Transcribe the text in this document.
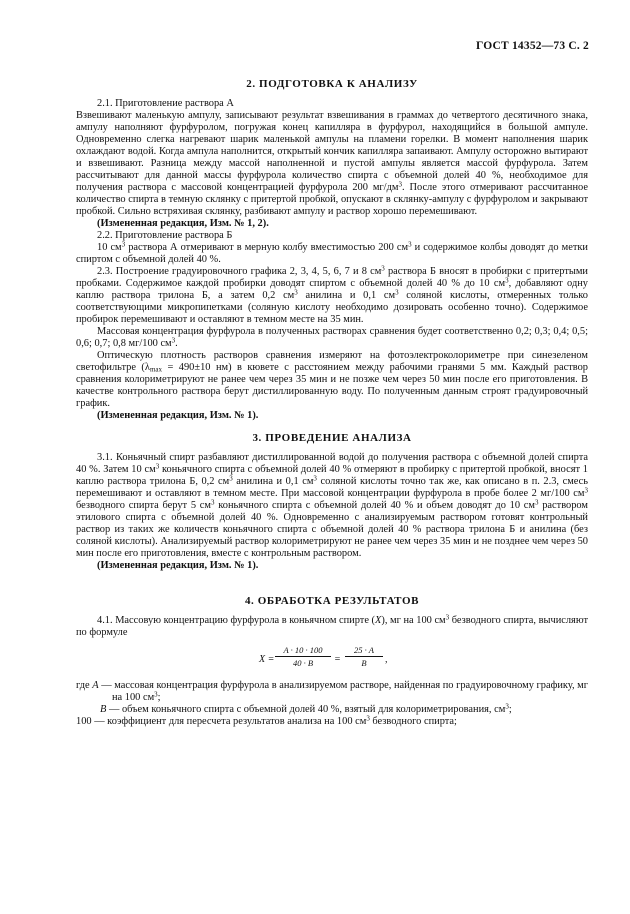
ГОСТ 14352—73 С. 2
2. ПОДГОТОВКА К АНАЛИЗУ

2.1. Приготовление раствора А

Взвешивают маленькую ампулу, записывают результат взвешивания в граммах до четвертого десятичного знака, ампулу наполняют фурфуролом, погружая конец капилляра в фурфурол, находящийся в большой ампуле. Одновременно слегка нагревают шарик маленькой ампулы на пламени горелки. В момент наполнения шарик охлаждают водой. Когда ампула наполнится, открытый кончик капилляра запаивают. Ампулу осторожно вытирают и взвешивают. Разница между массой наполненной и пустой ампулы является массой фурфурола. Затем рассчитывают для данной массы фурфурола количество спирта с объемной долей 40 %, необходимое для получения раствора с массовой концентрацией фурфурола 200 $мг/дм^3$. После этого отмеривают рассчитанное количество спирта в темную склянку с притертой пробкой, опускают в склянку-ампулу с фурфуролом и закрывают пробкой. Сильно встряхивая склянку, разбивают ампулу и раствор хорошо перемешивают.

(Измененная редакция, Изм. № 1, 2).

2.2. Приготовление раствора Б

10 $см^3$ раствора А отмеривают в мерную колбу вместимостью 200 $см^3$ и содержимое колбы доводят до метки спиртом с объемной долей 40 %.

2.3. Построение градуировочного графика 2, 3, 4, 5, 6, 7 и 8 $см^3$ раствора Б вносят в пробирки с притертыми пробками. Содержимое каждой пробирки доводят спиртом с объемной долей 40 % до 10 $см^3$, добавляют одну каплю раствора трилона Б, а затем 0,2 $см^3$ анилина и 0,1 $см^3$ соляной кислоты, отмеренных только соответствующими микропипетками (соляную кислоту необходимо дозировать особенно точно). Содержимое пробирок перемешивают и оставляют в темном месте на 35 мин.

Массовая концентрация фурфурола в полученных растворах сравнения будет соответственно 0,2; 0,3; 0,4; 0,5; 0,6; 0,7; 0,8 мг/100 $см^3$.

Оптическую плотность растворов сравнения измеряют на фотоэлектроколориметре при синезеленом светофильтре ($\lambda_{max} = 490\pm 10$ нм) в кювете с расстоянием между рабочими гранями 5 мм. Каждый раствор сравнения колориметрируют не ранее чем через 35 мин и не позже чем через 50 мин после его приготовления. В качестве контрольного раствора берут дистиллированную воду. По полученным данным строят градуировочный график.

(Измененная редакция, Изм. № 1).

3. ПРОВЕДЕНИЕ АНАЛИЗА

3.1. Коньячный спирт разбавляют дистиллированной водой до получения раствора с объемной долей спирта 40 %. Затем 10 $см^3$ коньячного спирта с объемной долей 40 % отмеряют в пробирку с притертой пробкой, вносят 1 каплю раствора трилона Б, 0,2 $см^3$ анилина и 0,1 $см^3$ соляной кислоты точно так же, как описано в п. 2.3, смесь перемешивают и оставляют в темном месте. При массовой концентрации фурфурола в пробе более 2 мг/100 $см^3$ безводного спирта берут 5 $см^3$ коньячного спирта с объемной долей 40 % и объем доводят до 10 $см^3$ раствором этилового спирта с объемной долей 40 %. Одновременно с анализируемым раствором готовят контрольный раствор из таких же количеств коньячного спирта с объемной долей 40 % раствора трилона Б и анилина (без соляной кислоты). Анализируемый раствор колориметрируют не ранее чем через 35 мин и не позднее чем через 50 мин после его приготовления, вместе с контрольным раствором.

(Измененная редакция, Изм. № 1).

4. ОБРАБОТКА РЕЗУЛЬТАТОВ

4.1. Массовую концентрацию фурфурола в коньячном спирте (X), мг на 100 $см^3$ безводного спирта, вычисляют по формуле

$X = \frac{A \cdot 10 \cdot 100}{40 \cdot B} = \frac{25 \cdot A}{B}$ ,

где A — массовая концентрация фурфурола в анализируемом растворе, найденная по градуировочному графику, мг на 100 $см^3$;

B — объем коньячного спирта с объемной долей 40 %, взятый для колориметрирования, $см^3$;

100 — коэффициент для пересчета результатов анализа на 100 $см^3$ безводного спирта;
